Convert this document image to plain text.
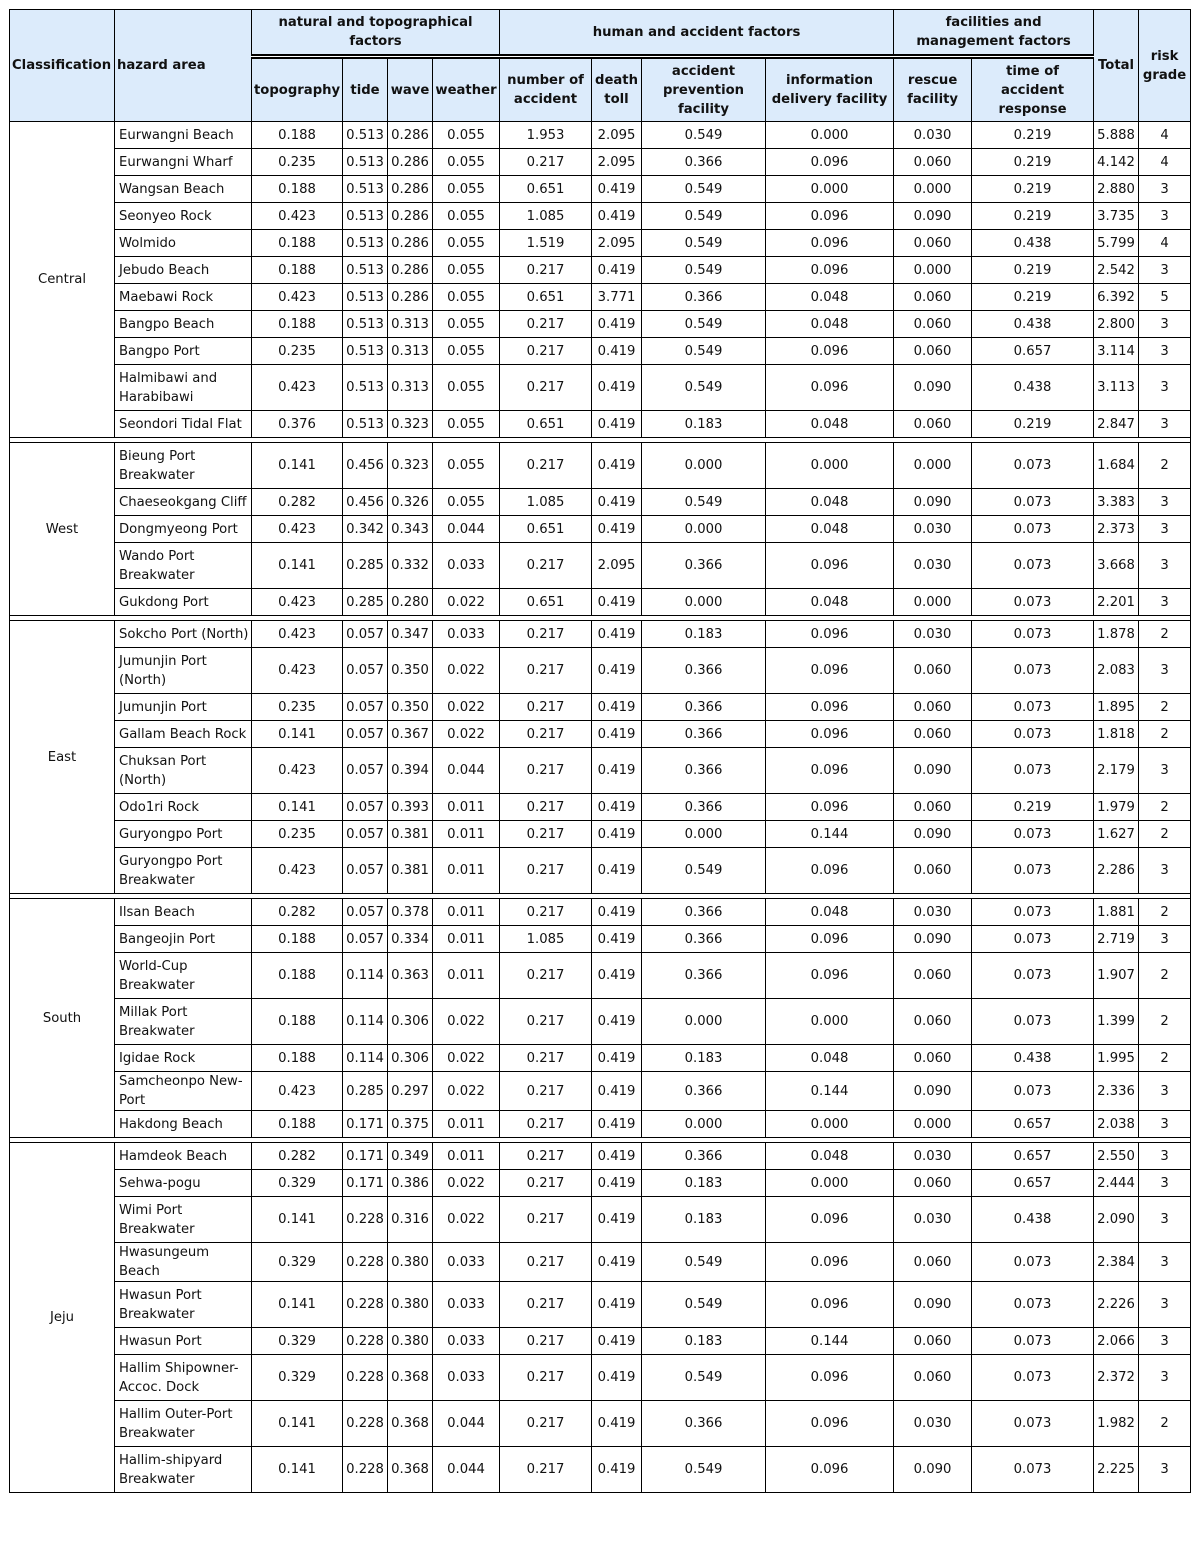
Classification	hazard area	natural and topographical factors				human and accident factors				facilities and management factors		Total	risk grade
		topography	tide	wave	weather	number of accident	death toll	accident prevention facility	information delivery facility	rescue facility	time of accident response		
Central	Eurwangni Beach	0.188	0.513	0.286	0.055	1.953	2.095	0.549	0.000	0.030	0.219	5.888	4
	Eurwangni Wharf	0.235	0.513	0.286	0.055	0.217	2.095	0.366	0.096	0.060	0.219	4.142	4
	Wangsan Beach	0.188	0.513	0.286	0.055	0.651	0.419	0.549	0.000	0.000	0.219	2.880	3
	Seonyeo Rock	0.423	0.513	0.286	0.055	1.085	0.419	0.549	0.096	0.090	0.219	3.735	3
	Wolmido	0.188	0.513	0.286	0.055	1.519	2.095	0.549	0.096	0.060	0.438	5.799	4
	Jebudo Beach	0.188	0.513	0.286	0.055	0.217	0.419	0.549	0.096	0.000	0.219	2.542	3
	Maebawi Rock	0.423	0.513	0.286	0.055	0.651	3.771	0.366	0.048	0.060	0.219	6.392	5
	Bangpo Beach	0.188	0.513	0.313	0.055	0.217	0.419	0.549	0.048	0.060	0.438	2.800	3
	Bangpo Port	0.235	0.513	0.313	0.055	0.217	0.419	0.549	0.096	0.060	0.657	3.114	3
	Halmibawi and Harabibawi	0.423	0.513	0.313	0.055	0.217	0.419	0.549	0.096	0.090	0.438	3.113	3
	Seondori Tidal Flat	0.376	0.513	0.323	0.055	0.651	0.419	0.183	0.048	0.060	0.219	2.847	3

West	Bieung Port Breakwater	0.141	0.456	0.323	0.055	0.217	0.419	0.000	0.000	0.000	0.073	1.684	2
	Chaeseokgang Cliff	0.282	0.456	0.326	0.055	1.085	0.419	0.549	0.048	0.090	0.073	3.383	3
	Dongmyeong Port	0.423	0.342	0.343	0.044	0.651	0.419	0.000	0.048	0.030	0.073	2.373	3
	Wando Port Breakwater	0.141	0.285	0.332	0.033	0.217	2.095	0.366	0.096	0.030	0.073	3.668	3
	Gukdong Port	0.423	0.285	0.280	0.022	0.651	0.419	0.000	0.048	0.000	0.073	2.201	3

East	Sokcho Port (North)	0.423	0.057	0.347	0.033	0.217	0.419	0.183	0.096	0.030	0.073	1.878	2
	Jumunjin Port (North)	0.423	0.057	0.350	0.022	0.217	0.419	0.366	0.096	0.060	0.073	2.083	3
	Jumunjin Port	0.235	0.057	0.350	0.022	0.217	0.419	0.366	0.096	0.060	0.073	1.895	2
	Gallam Beach Rock	0.141	0.057	0.367	0.022	0.217	0.419	0.366	0.096	0.060	0.073	1.818	2
	Chuksan Port (North)	0.423	0.057	0.394	0.044	0.217	0.419	0.366	0.096	0.090	0.073	2.179	3
	Odo1ri Rock	0.141	0.057	0.393	0.011	0.217	0.419	0.366	0.096	0.060	0.219	1.979	2
	Guryongpo Port	0.235	0.057	0.381	0.011	0.217	0.419	0.000	0.144	0.090	0.073	1.627	2
	Guryongpo Port Breakwater	0.423	0.057	0.381	0.011	0.217	0.419	0.549	0.096	0.060	0.073	2.286	3

South	Ilsan Beach	0.282	0.057	0.378	0.011	0.217	0.419	0.366	0.048	0.030	0.073	1.881	2
	Bangeojin Port	0.188	0.057	0.334	0.011	1.085	0.419	0.366	0.096	0.090	0.073	2.719	3
	World-Cup Breakwater	0.188	0.114	0.363	0.011	0.217	0.419	0.366	0.096	0.060	0.073	1.907	2
	Millak Port Breakwater	0.188	0.114	0.306	0.022	0.217	0.419	0.000	0.000	0.060	0.073	1.399	2
	Igidae Rock	0.188	0.114	0.306	0.022	0.217	0.419	0.183	0.048	0.060	0.438	1.995	2
	Samcheonpo New-Port	0.423	0.285	0.297	0.022	0.217	0.419	0.366	0.144	0.090	0.073	2.336	3
	Hakdong Beach	0.188	0.171	0.375	0.011	0.217	0.419	0.000	0.000	0.000	0.657	2.038	3

Jeju	Hamdeok Beach	0.282	0.171	0.349	0.011	0.217	0.419	0.366	0.048	0.030	0.657	2.550	3
	Sehwa-pogu	0.329	0.171	0.386	0.022	0.217	0.419	0.183	0.000	0.060	0.657	2.444	3
	Wimi Port Breakwater	0.141	0.228	0.316	0.022	0.217	0.419	0.183	0.096	0.030	0.438	2.090	3
	Hwasungeum Beach	0.329	0.228	0.380	0.033	0.217	0.419	0.549	0.096	0.060	0.073	2.384	3
	Hwasun Port Breakwater	0.141	0.228	0.380	0.033	0.217	0.419	0.549	0.096	0.090	0.073	2.226	3
	Hwasun Port	0.329	0.228	0.380	0.033	0.217	0.419	0.183	0.144	0.060	0.073	2.066	3
	Hallim Shipowner-Accoc. Dock	0.329	0.228	0.368	0.033	0.217	0.419	0.549	0.096	0.060	0.073	2.372	3
	Hallim Outer-Port Breakwater	0.141	0.228	0.368	0.044	0.217	0.419	0.366	0.096	0.030	0.073	1.982	2
	Hallim-shipyard Breakwater	0.141	0.228	0.368	0.044	0.217	0.419	0.549	0.096	0.090	0.073	2.225	3
